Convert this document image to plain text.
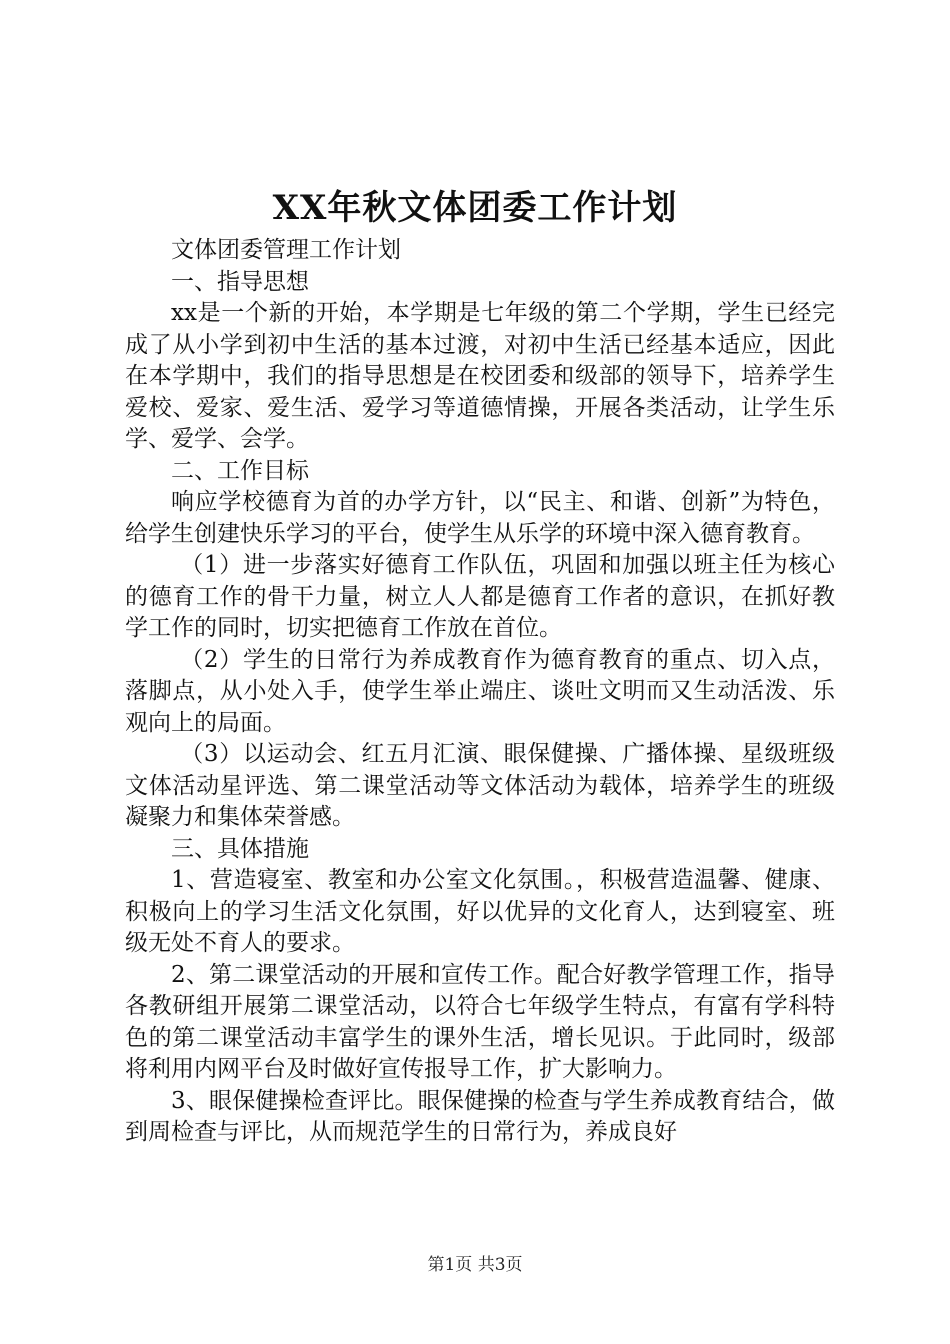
XX年秋文体团委工作计划

文体团委管理工作计划

一、指导思想

xx是一个新的开始，本学期是七年级的第二个学期，学生已经完成了从小学到初中生活的基本过渡，对初中生活已经基本适应，因此在本学期中，我们的指导思想是在校团委和级部的领导下，培养学生爱校、爱家、爱生活、爱学习等道德情操，开展各类活动，让学生乐学、爱学、会学。

二、工作目标

响应学校德育为首的办学方针，以“民主、和谐、创新”为特色，给学生创建快乐学习的平台，使学生从乐学的环境中深入德育教育。

（1）进一步落实好德育工作队伍，巩固和加强以班主任为核心的德育工作的骨干力量，树立人人都是德育工作者的意识，在抓好教学工作的同时，切实把德育工作放在首位。

（2）学生的日常行为养成教育作为德育教育的重点、切入点，落脚点，从小处入手，使学生举止端庄、谈吐文明而又生动活泼、乐观向上的局面。

（3）以运动会、红五月汇演、眼保健操、广播体操、星级班级文体活动星评选、第二课堂活动等文体活动为载体，培养学生的班级凝聚力和集体荣誉感。

三、具体措施

1、营造寝室、教室和办公室文化氛围。，积极营造温馨、健康、积极向上的学习生活文化氛围，好以优异的文化育人，达到寝室、班级无处不育人的要求。

2、第二课堂活动的开展和宣传工作。配合好教学管理工作，指导各教研组开展第二课堂活动，以符合七年级学生特点，有富有学科特色的第二课堂活动丰富学生的课外生活，增长见识。于此同时，级部将利用内网平台及时做好宣传报导工作，扩大影响力。

3、眼保健操检查评比。眼保健操的检查与学生养成教育结合，做到周检查与评比，从而规范学生的日常行为，养成良好

第1页 共3页
